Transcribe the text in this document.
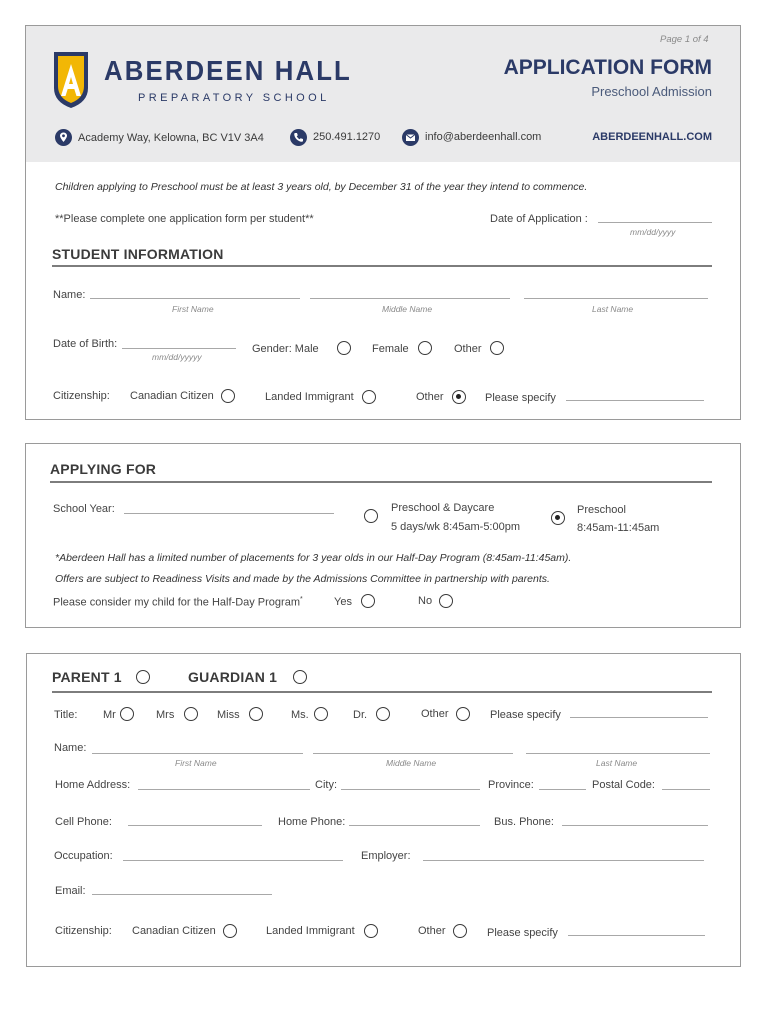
Page 1 of 4
ABERDEEN HALL
PREPARATORY SCHOOL
APPLICATION FORM
Preschool Admission
Academy Way, Kelowna, BC V1V 3A4	250.491.1270	info@aberdeenhall.com	ABERDEENHALL.COM
Children applying to Preschool must be at least 3 years old, by December 31 of the year they intend to commence.
**Please complete one application form per student**	Date of Application :
mm/dd/yyyy
STUDENT INFORMATION
Name:
First Name	Middle Name	Last Name
Date of Birth:
mm/dd/yyyyy
Gender: Male	Female	Other
Citizenship: Canadian Citizen	Landed Immigrant	Other	Please specify
APPLYING FOR
School Year:	Preschool & Daycare
5 days/wk 8:45am-5:00pm
Preschool
8:45am-11:45am
*Aberdeen Hall has a limited number of placements for 3 year olds in our Half-Day Program (8:45am-11:45am).
Offers are subject to Readiness Visits and made by the Admissions Committee in partnership with parents.
Please consider my child for the Half-Day Program*	Yes	No
PARENT 1	GUARDIAN 1
Title: Mr	Mrs	Miss	Ms.	Dr.	Other	Please specify
Name:
First Name	Middle Name	Last Name
Home Address:	City:	Province:	Postal Code:
Cell Phone:	Home Phone:	Bus. Phone:
Occupation:	Employer:
Email:
Citizenship: Canadian Citizen	Landed Immigrant	Other	Please specify
